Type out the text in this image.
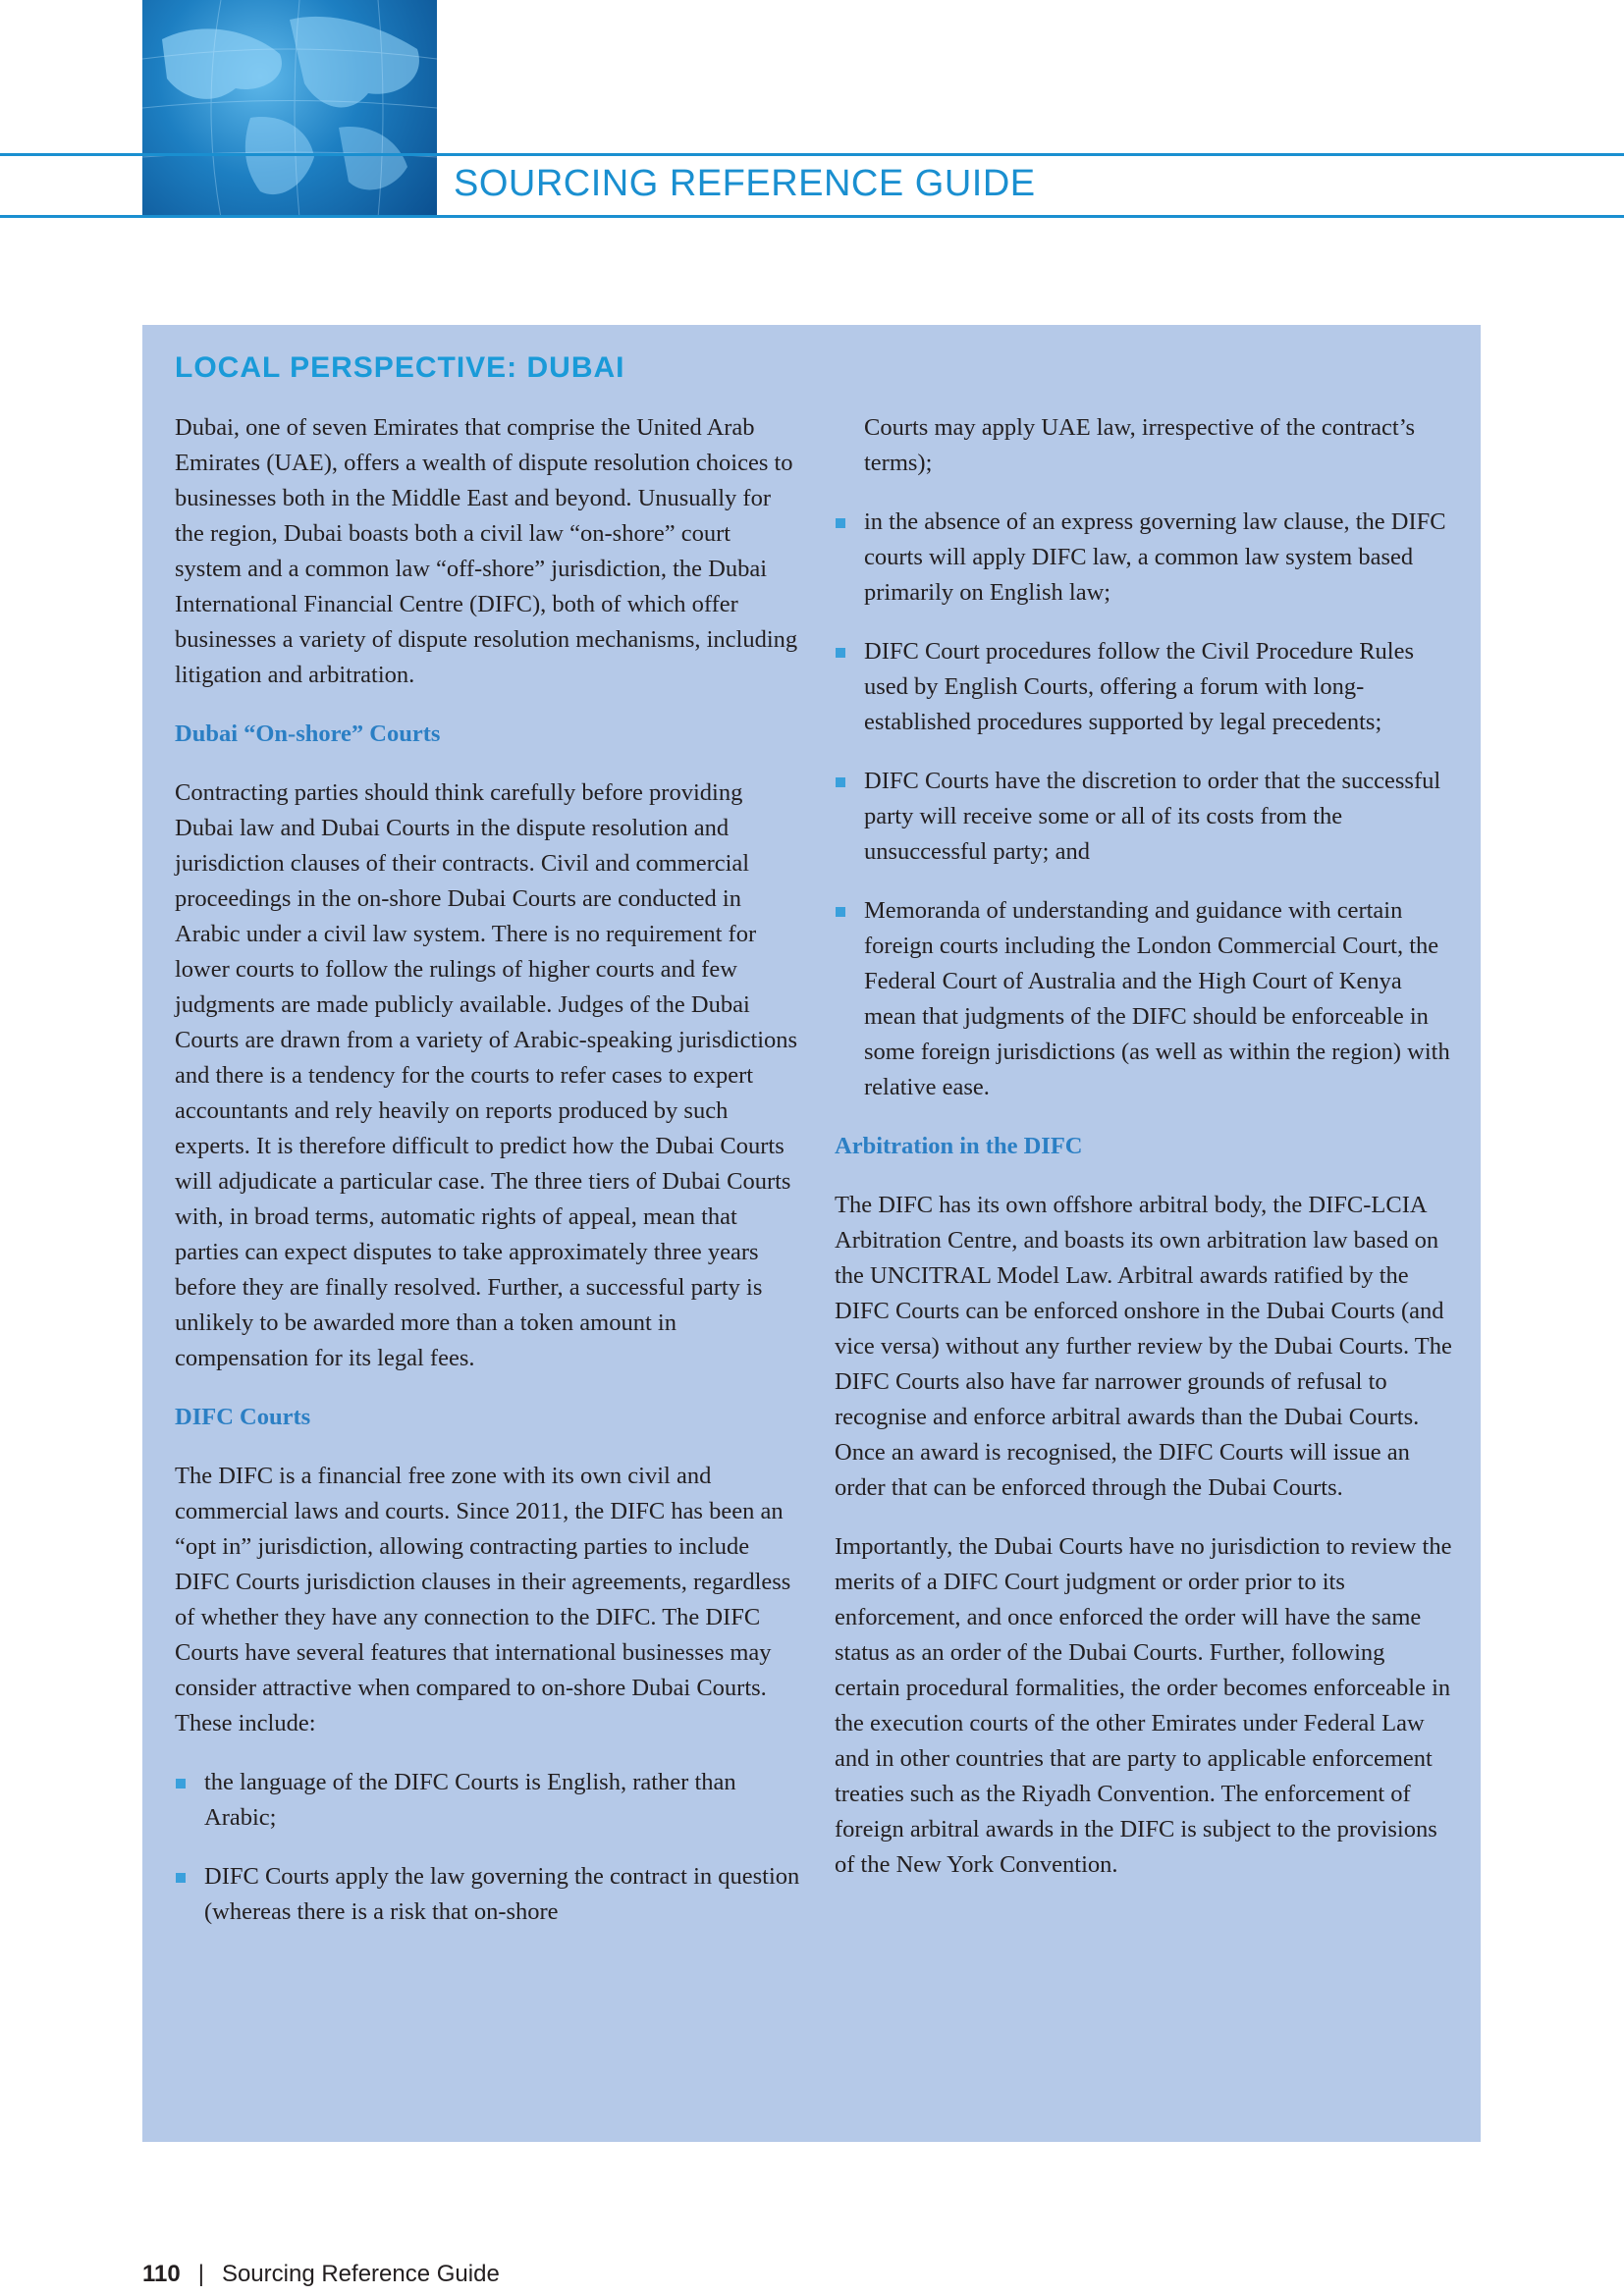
SOURCING REFERENCE GUIDE
LOCAL PERSPECTIVE: DUBAI

Dubai, one of seven Emirates that comprise the United Arab Emirates (UAE), offers a wealth of dispute resolution choices to businesses both in the Middle East and beyond. Unusually for the region, Dubai boasts both a civil law “on-shore” court system and a common law “off-shore” jurisdiction, the Dubai International Financial Centre (DIFC), both of which offer businesses a variety of dispute resolution mechanisms, including litigation and arbitration.

Dubai “On-shore” Courts

Contracting parties should think carefully before providing Dubai law and Dubai Courts in the dispute resolution and jurisdiction clauses of their contracts. Civil and commercial proceedings in the on-shore Dubai Courts are conducted in Arabic under a civil law system. There is no requirement for lower courts to follow the rulings of higher courts and few judgments are made publicly available. Judges of the Dubai Courts are drawn from a variety of Arabic-speaking jurisdictions and there is a tendency for the courts to refer cases to expert accountants and rely heavily on reports produced by such experts. It is therefore difficult to predict how the Dubai Courts will adjudicate a particular case. The three tiers of Dubai Courts with, in broad terms, automatic rights of appeal, mean that parties can expect disputes to take approximately three years before they are finally resolved. Further, a successful party is unlikely to be awarded more than a token amount in compensation for its legal fees.

DIFC Courts

The DIFC is a financial free zone with its own civil and commercial laws and courts. Since 2011, the DIFC has been an “opt in” jurisdiction, allowing contracting parties to include DIFC Courts jurisdiction clauses in their agreements, regardless of whether they have any connection to the DIFC. The DIFC Courts have several features that international businesses may consider attractive when compared to on-shore Dubai Courts. These include:

the language of the DIFC Courts is English, rather than Arabic;
DIFC Courts apply the law governing the contract in question (whereas there is a risk that on-shore
Courts may apply UAE law, irrespective of the contract’s terms);
in the absence of an express governing law clause, the DIFC courts will apply DIFC law, a common law system based primarily on English law;
DIFC Court procedures follow the Civil Procedure Rules used by English Courts, offering a forum with long-established procedures supported by legal precedents;
DIFC Courts have the discretion to order that the successful party will receive some or all of its costs from the unsuccessful party; and
Memoranda of understanding and guidance with certain foreign courts including the London Commercial Court, the Federal Court of Australia and the High Court of Kenya mean that judgments of the DIFC should be enforceable in some foreign jurisdictions (as well as within the region) with relative ease.
Arbitration in the DIFC

The DIFC has its own offshore arbitral body, the DIFC-LCIA Arbitration Centre, and boasts its own arbitration law based on the UNCITRAL Model Law. Arbitral awards ratified by the DIFC Courts can be enforced onshore in the Dubai Courts (and vice versa) without any further review by the Dubai Courts. The DIFC Courts also have far narrower grounds of refusal to recognise and enforce arbitral awards than the Dubai Courts. Once an award is recognised, the DIFC Courts will issue an order that can be enforced through the Dubai Courts.

Importantly, the Dubai Courts have no jurisdiction to review the merits of a DIFC Court judgment or order prior to its enforcement, and once enforced the order will have the same status as an order of the Dubai Courts. Further, following certain procedural formalities, the order becomes enforceable in the execution courts of the other Emirates under Federal Law and in other countries that are party to applicable enforcement treaties such as the Riyadh Convention. The enforcement of foreign arbitral awards in the DIFC is subject to the provisions of the New York Convention.

110 | Sourcing Reference Guide
